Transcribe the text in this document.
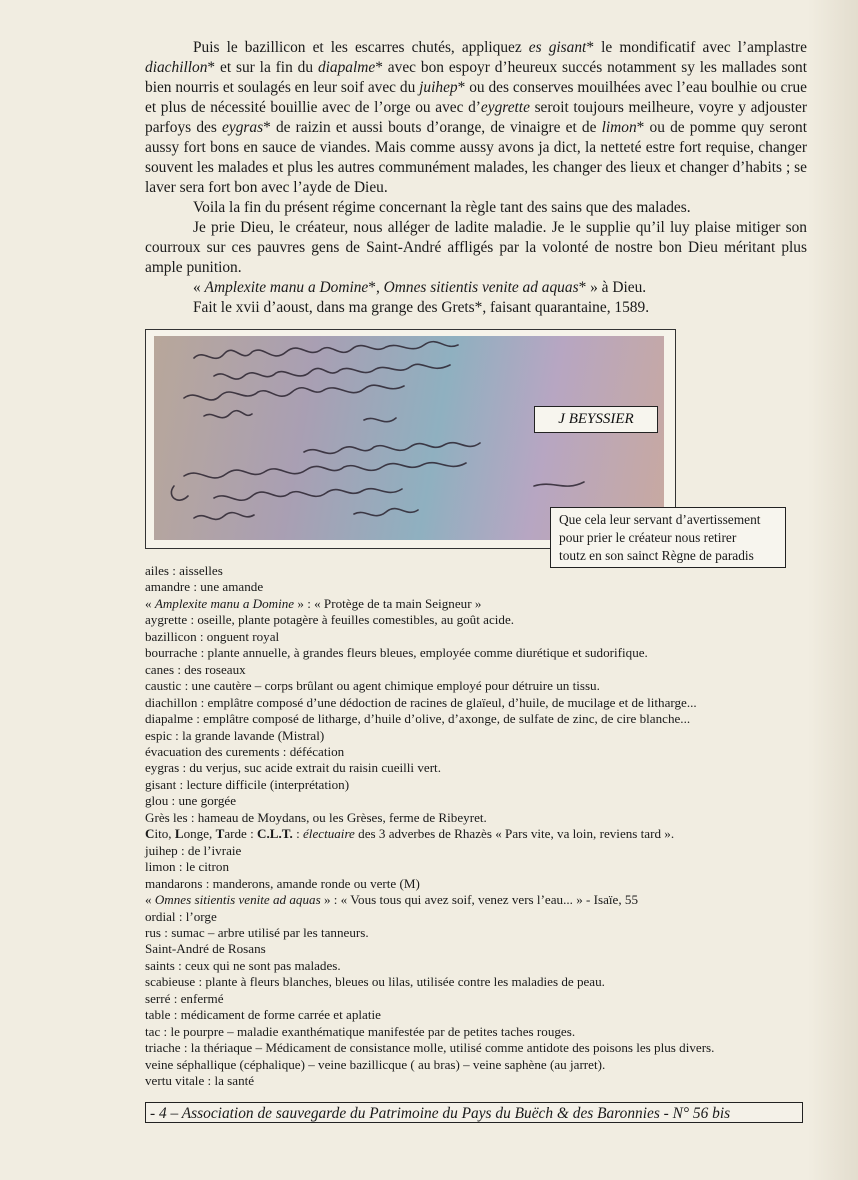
Puis le bazillicon et les escarres chutés, appliquez es gisant* le mondificatif avec l’amplastre diachillon* et sur la fin du diapalme* avec bon espoyr d’heureux succés notamment sy les mallades sont bien nourris et soulagés en leur soif avec du juihep* ou des conserves mouilhées avec l’eau boulhie ou crue et plus de nécessité bouillie avec de l’orge ou avec d’eygrette seroit toujours meilheure, voyre y adjouster parfoys des eygras* de raizin et aussi bouts d’orange, de vinaigre et de limon* ou de pomme quy seront aussy fort bons en sauce de viandes. Mais comme aussy avons ja dict, la netteté estre fort requise, changer souvent les malades et plus les autres communément malades, les changer des lieux et changer d’habits ; se laver sera fort bon avec l’ayde de Dieu.

Voila la fin du présent régime concernant la règle tant des sains que des malades.

Je prie Dieu, le créateur, nous alléger de ladite maladie. Je le supplie qu’il luy plaise mitiger son courroux sur ces pauvres gens de Saint-André affligés par la volonté de nostre bon Dieu méritant plus ample punition.

« Amplexite manu a Domine*, Omnes sitientis venite ad aquas* » à Dieu.

Fait le xvii d’aoust, dans ma grange des Grets*, faisant quarantaine, 1589.

J BEYSSIER
Que cela leur servant d’avertissement
pour prier le créateur nous retirer
toutz en son sainct Règne de paradis
ailes : aisselles
amandre : une amande
« Amplexite manu a Domine » : « Protège de ta main Seigneur »
aygrette : oseille, plante potagère à feuilles comestibles, au goût acide.
bazillicon : onguent royal
bourrache : plante annuelle, à grandes fleurs bleues, employée comme diurétique et sudorifique.
canes : des roseaux
caustic : une cautère – corps brûlant ou agent chimique employé pour détruire un tissu.
diachillon : emplâtre composé d’une dédoction de racines de glaïeul, d’huile, de mucilage et de litharge...
diapalme : emplâtre composé de litharge, d’huile d’olive, d’axonge, de sulfate de zinc, de cire blanche...
espic : la grande lavande (Mistral)
évacuation des curements : défécation
eygras : du verjus, suc acide extrait du raisin cueilli vert.
gisant : lecture difficile (interprétation)
glou : une gorgée
Grès les : hameau de Moydans, ou les Grèses, ferme de Ribeyret.
Cito, Longe, Tarde : C.L.T. : électuaire des 3 adverbes de Rhazès « Pars vite, va loin, reviens tard ».
juihep : de l’ivraie
limon : le citron
mandarons : manderons, amande ronde ou verte (M)
« Omnes sitientis venite ad aquas » : « Vous tous qui avez soif, venez vers l’eau... » - Isaïe, 55
ordial : l’orge
rus : sumac – arbre utilisé par les tanneurs.
Saint-André de Rosans
saints : ceux qui ne sont pas malades.
scabieuse : plante à fleurs blanches, bleues ou lilas, utilisée contre les maladies de peau.
serré : enfermé
table : médicament de forme carrée et aplatie
tac : le pourpre – maladie exanthématique manifestée par de petites taches rouges.
triache : la thériaque – Médicament de consistance molle, utilisé comme antidote des poisons les plus divers.
veine séphallique (céphalique) – veine bazillicque ( au bras) – veine saphène (au jarret).
vertu vitale : la santé
- 4 – Association de sauvegarde du Patrimoine du Pays du Buëch & des Baronnies - N° 56 bis
